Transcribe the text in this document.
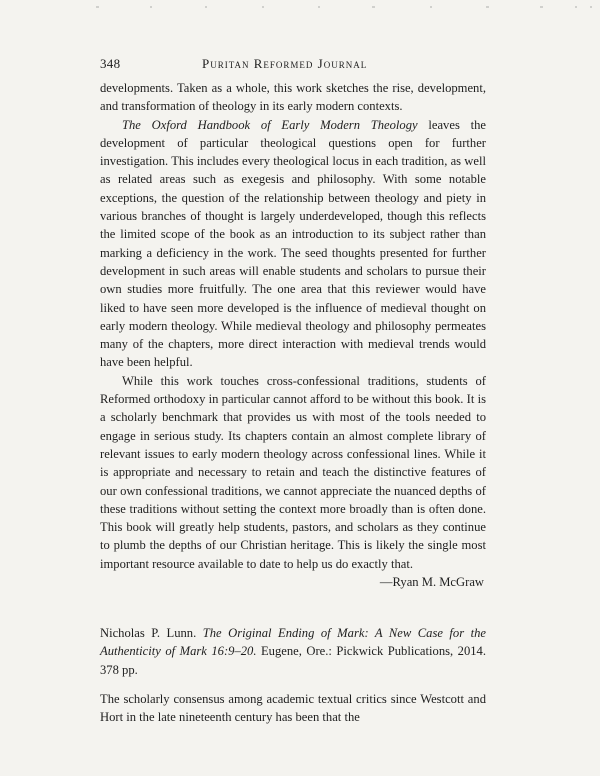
348	Puritan Reformed Journal

developments. Taken as a whole, this work sketches the rise, development, and transformation of theology in its early modern contexts.

The Oxford Handbook of Early Modern Theology leaves the development of particular theological questions open for further investigation. This includes every theological locus in each tradition, as well as related areas such as exegesis and philosophy. With some notable exceptions, the question of the relationship between theology and piety in various branches of thought is largely underdeveloped, though this reflects the limited scope of the book as an introduction to its subject rather than marking a deficiency in the work. The seed thoughts presented for further development in such areas will enable students and scholars to pursue their own studies more fruitfully. The one area that this reviewer would have liked to have seen more developed is the influence of medieval thought on early modern theology. While medieval theology and philosophy permeates many of the chapters, more direct interaction with medieval trends would have been helpful.

While this work touches cross-confessional traditions, students of Reformed orthodoxy in particular cannot afford to be without this book. It is a scholarly benchmark that provides us with most of the tools needed to engage in serious study. Its chapters contain an almost complete library of relevant issues to early modern theology across confessional lines. While it is appropriate and necessary to retain and teach the distinctive features of our own confessional traditions, we cannot appreciate the nuanced depths of these traditions without setting the context more broadly than is often done. This book will greatly help students, pastors, and scholars as they continue to plumb the depths of our Christian heritage. This is likely the single most important resource available to date to help us do exactly that.

—Ryan M. McGraw

Nicholas P. Lunn. The Original Ending of Mark: A New Case for the Authenticity of Mark 16:9–20. Eugene, Ore.: Pickwick Publications, 2014. 378 pp.

The scholarly consensus among academic textual critics since Westcott and Hort in the late nineteenth century has been that the
